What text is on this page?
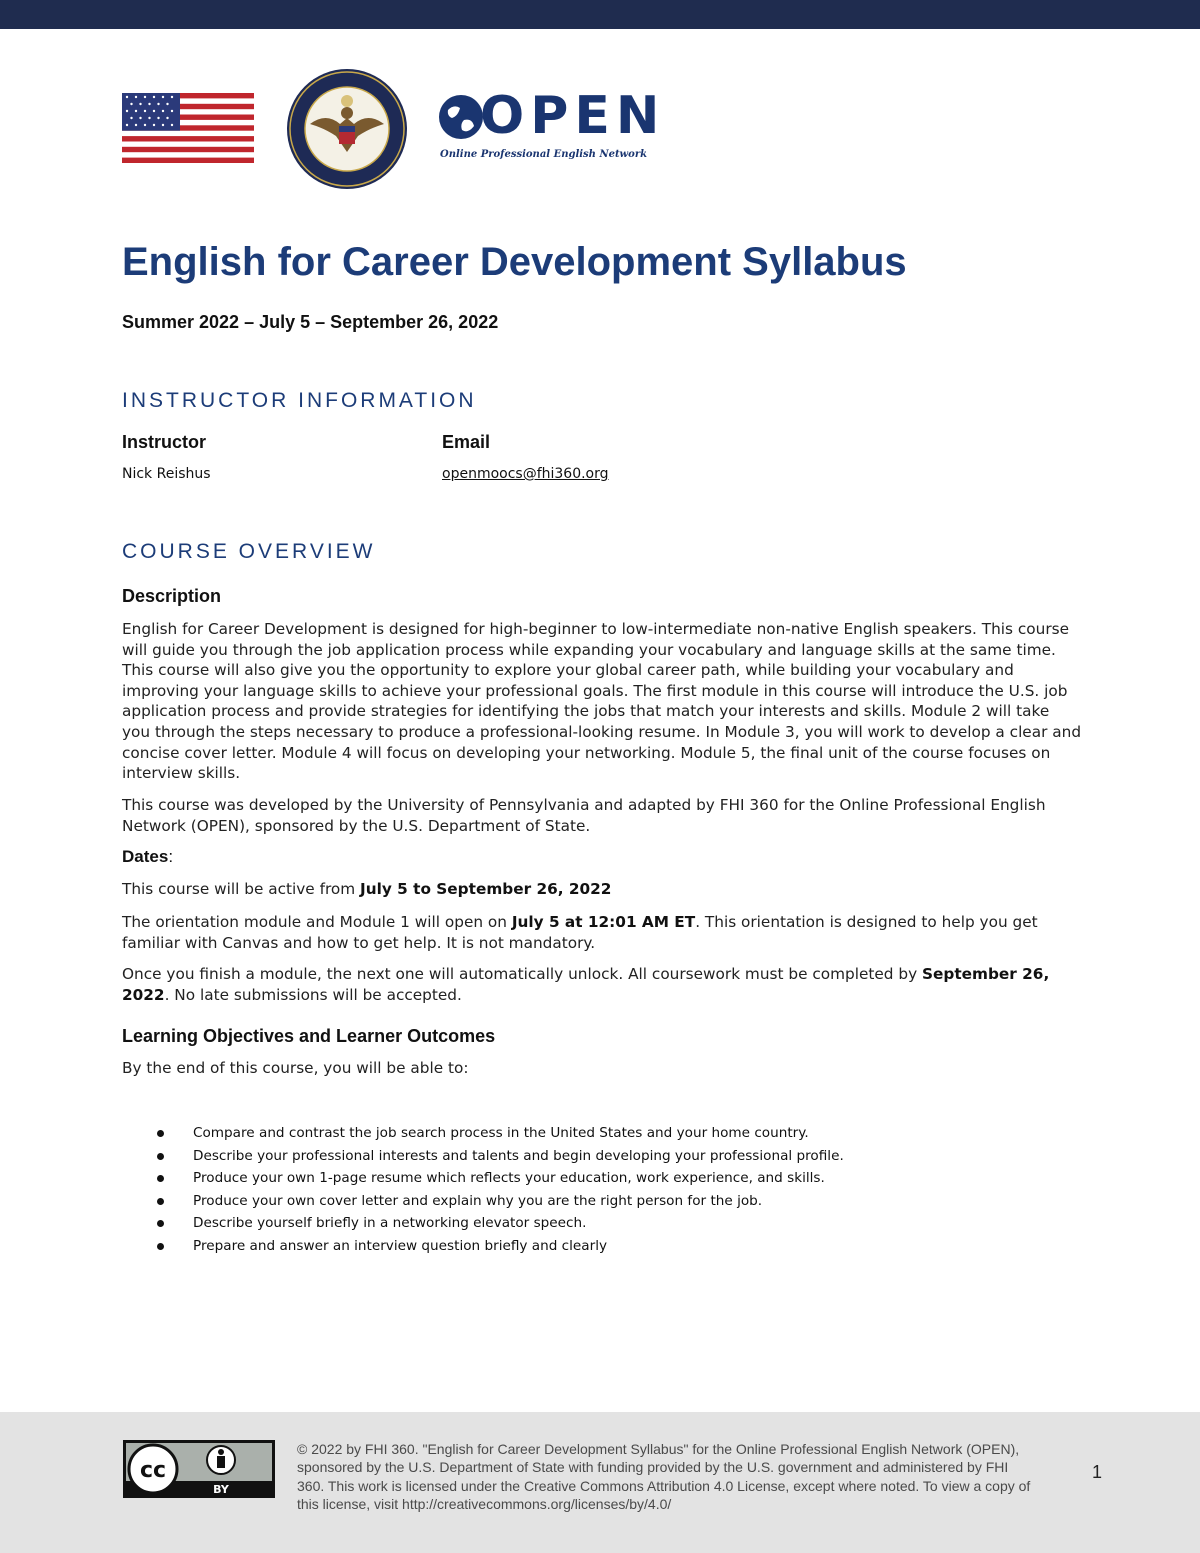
OPEN
Online Professional English Network
English for Career Development Syllabus
Summer 2022 – July 5 – September 26, 2022
INSTRUCTOR INFORMATION
Instructor	Email
Nick Reishus	openmoocs@fhi360.org
COURSE OVERVIEW
Description

English for Career Development is designed for high-beginner to low-intermediate non-native English speakers. This course will guide you through the job application process while expanding your vocabulary and language skills at the same time. This course will also give you the opportunity to explore your global career path, while building your vocabulary and improving your language skills to achieve your professional goals. The first module in this course will introduce the U.S. job application process and provide strategies for identifying the jobs that match your interests and skills. Module 2 will take you through the steps necessary to produce a professional-looking resume. In Module 3, you will work to develop a clear and concise cover letter. Module 4 will focus on developing your networking. Module 5, the final unit of the course focuses on interview skills.

This course was developed by the University of Pennsylvania and adapted by FHI 360 for the Online Professional English Network (OPEN), sponsored by the U.S. Department of State.

Dates:

This course will be active from July 5 to September 26, 2022

The orientation module and Module 1 will open on July 5 at 12:01 AM ET. This orientation is designed to help you get familiar with Canvas and how to get help. It is not mandatory.

Once you finish a module, the next one will automatically unlock. All coursework must be completed by September 26, 2022. No late submissions will be accepted.

Learning Objectives and Learner Outcomes

By the end of this course, you will be able to:

Compare and contrast the job search process in the United States and your home country.
Describe your professional interests and talents and begin developing your professional profile.
Produce your own 1-page resume which reflects your education, work experience, and skills.
Produce your own cover letter and explain why you are the right person for the job.
Describe yourself briefly in a networking elevator speech.
Prepare and answer an interview question briefly and clearly
cc
BY

© 2022 by FHI 360. "English for Career Development Syllabus" for the Online Professional English Network (OPEN), sponsored by the U.S. Department of State with funding provided by the U.S. government and administered by FHI 360. This work is licensed under the Creative Commons Attribution 4.0 License, except where noted. To view a copy of this license, visit http://creativecommons.org/licenses/by/4.0/

1
